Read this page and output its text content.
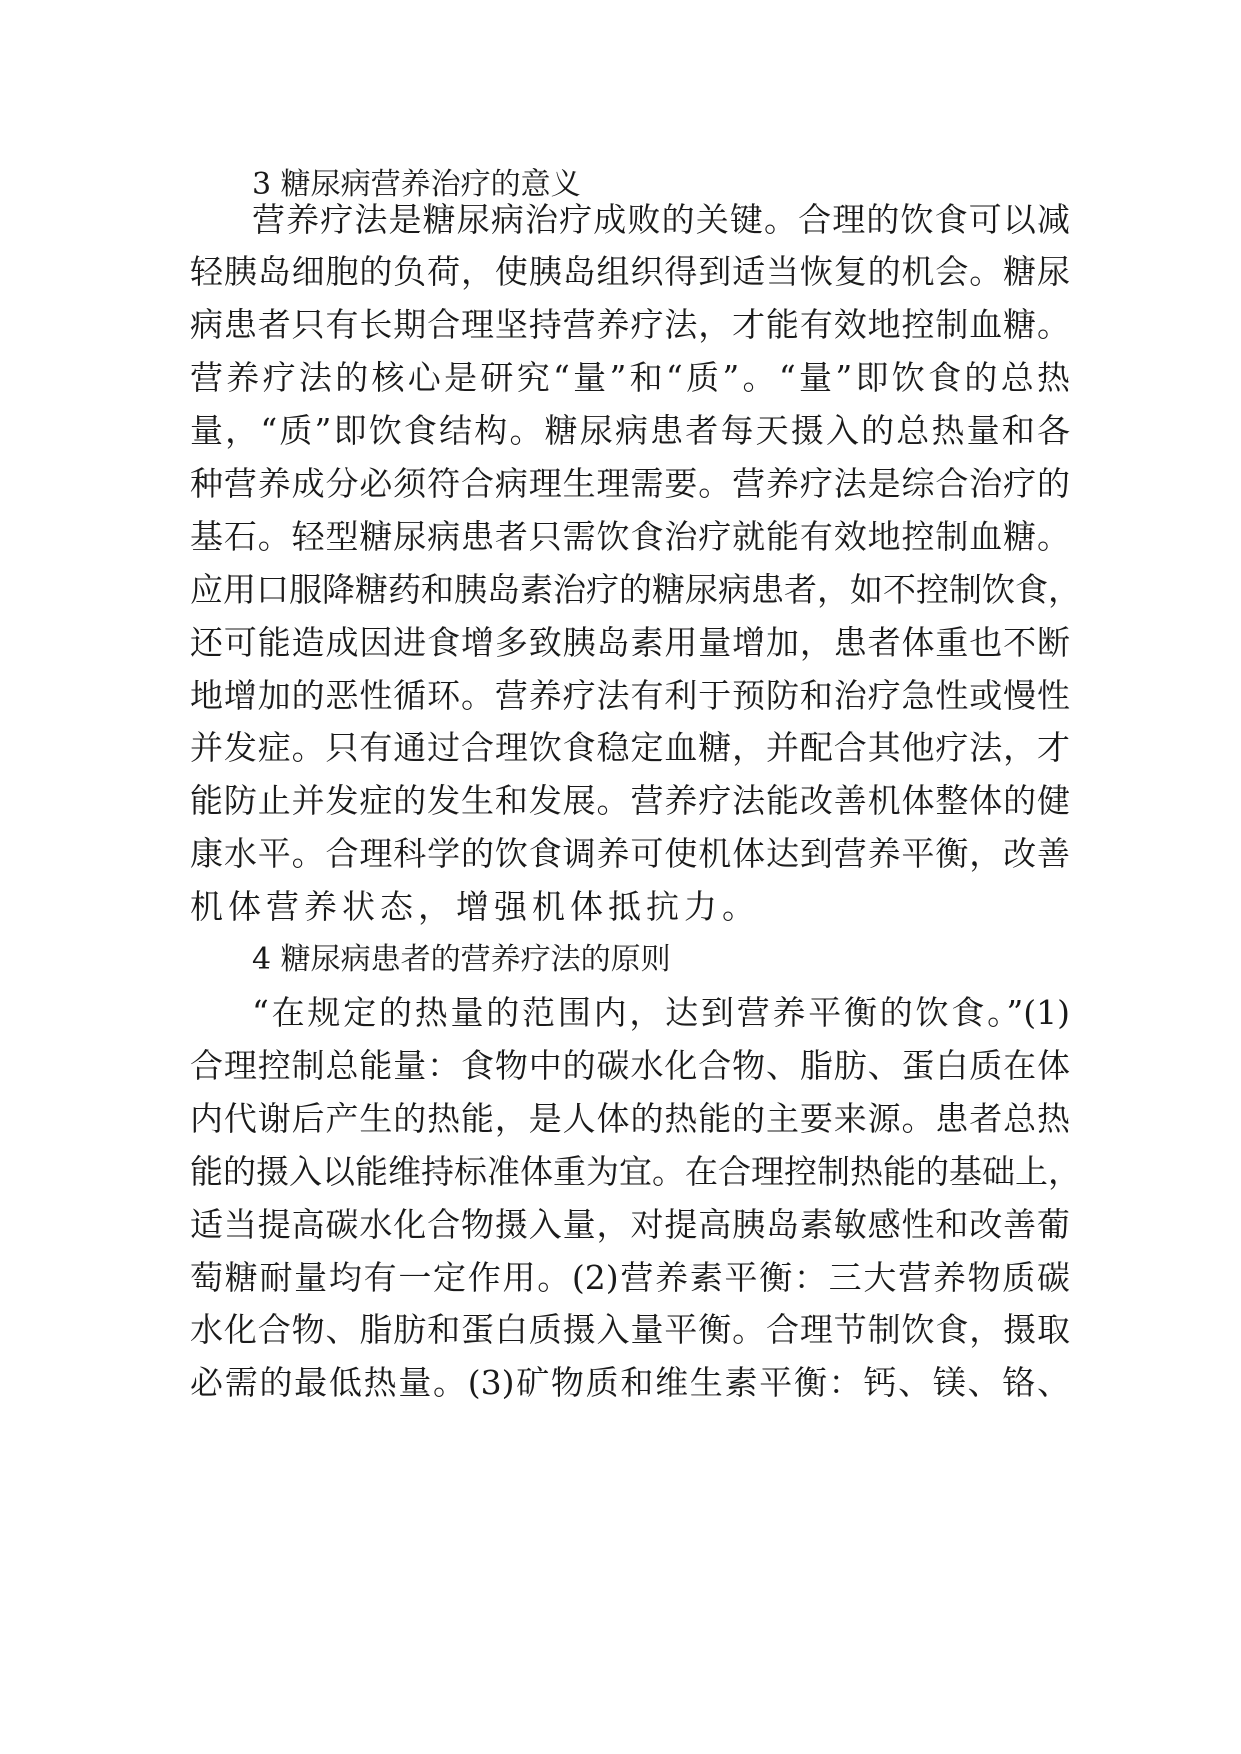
3 糖尿病营养治疗的意义
营养疗法是糖尿病治疗成败的关键。合理的饮食可以减
轻胰岛细胞的负荷，使胰岛组织得到适当恢复的机会。糖尿
病患者只有长期合理坚持营养疗法，才能有效地控制血糖。
营养疗法的核心是研究“量”和“质”。“量”即饮食的总热
量，“质”即饮食结构。糖尿病患者每天摄入的总热量和各
种营养成分必须符合病理生理需要。营养疗法是综合治疗的
基石。轻型糖尿病患者只需饮食治疗就能有效地控制血糖。
应用口服降糖药和胰岛素治疗的糖尿病患者，如不控制饮食，
还可能造成因进食增多致胰岛素用量增加，患者体重也不断
地增加的恶性循环。营养疗法有利于预防和治疗急性或慢性
并发症。只有通过合理饮食稳定血糖，并配合其他疗法，才
能防止并发症的发生和发展。营养疗法能改善机体整体的健
康水平。合理科学的饮食调养可使机体达到营养平衡，改善
机体营养状态，增强机体抵抗力。
4 糖尿病患者的营养疗法的原则
“在规定的热量的范围内，达到营养平衡的饮食。”(1)
合理控制总能量：食物中的碳水化合物、脂肪、蛋白质在体
内代谢后产生的热能，是人体的热能的主要来源。患者总热
能的摄入以能维持标准体重为宜。在合理控制热能的基础上，
适当提高碳水化合物摄入量，对提高胰岛素敏感性和改善葡
萄糖耐量均有一定作用。(2)营养素平衡：三大营养物质碳
水化合物、脂肪和蛋白质摄入量平衡。合理节制饮食，摄取
必需的最低热量。(3)矿物质和维生素平衡：钙、镁、铬、
